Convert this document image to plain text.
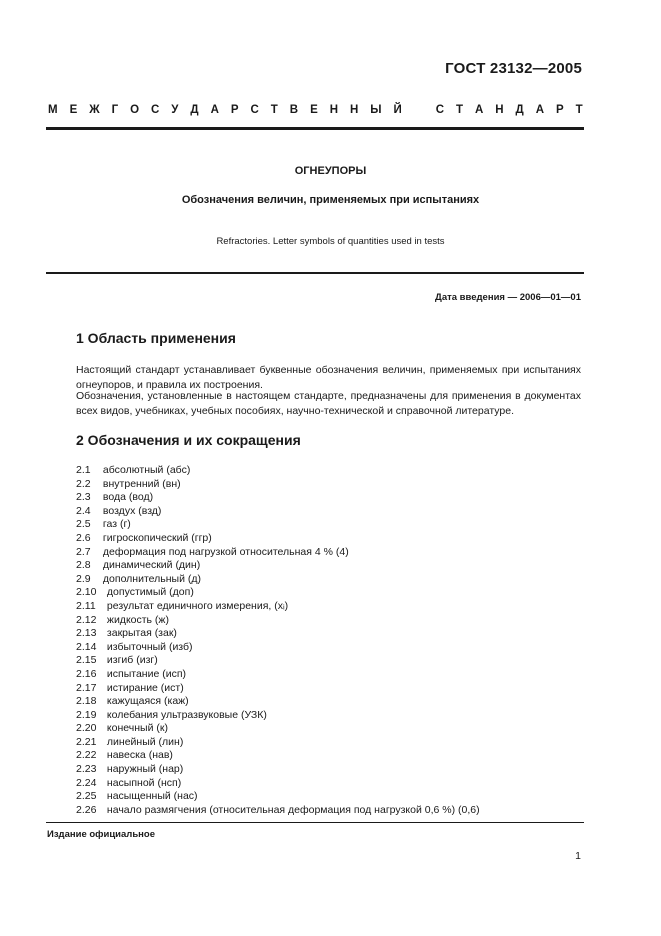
ГОСТ 23132—2005
М Е Ж Г О С У Д А Р С Т В Е Н Н Ы Й	С Т А Н Д А Р Т
ОГНЕУПОРЫ
Обозначения величин, применяемых при испытаниях
Refractories. Letter symbols of quantities used in tests
Дата введения — 2006—01—01
1 Область применения
Настоящий стандарт устанавливает буквенные обозначения величин, применяемых при испытаниях огнеупоров, и правила их построения.
Обозначения, установленные в настоящем стандарте, предназначены для применения в документах всех видов, учебниках, учебных пособиях, научно-технической и справочной литературе.
2 Обозначения и их сокращения
2.1 абсолютный (абс)
2.2 внутренний (вн)
2.3 вода (вод)
2.4 воздух (взд)
2.5 газ (г)
2.6 гигроскопический (ггр)
2.7 деформация под нагрузкой относительная 4 % (4)
2.8 динамический (дин)
2.9 дополнительный (д)
2.10 допустимый (доп)
2.11 результат единичного измерения, (xᵢ)
2.12 жидкость (ж)
2.13 закрытая (зак)
2.14 избыточный (изб)
2.15 изгиб (изг)
2.16 испытание (исп)
2.17 истирание (ист)
2.18 кажущаяся (каж)
2.19 колебания ультразвуковые (УЗК)
2.20 конечный (к)
2.21 линейный (лин)
2.22 навеска (нав)
2.23 наружный (нар)
2.24 насыпной (нсп)
2.25 насыщенный (нас)
2.26 начало размягчения (относительная деформация под нагрузкой 0,6 %) (0,6)
Издание официальное
1
